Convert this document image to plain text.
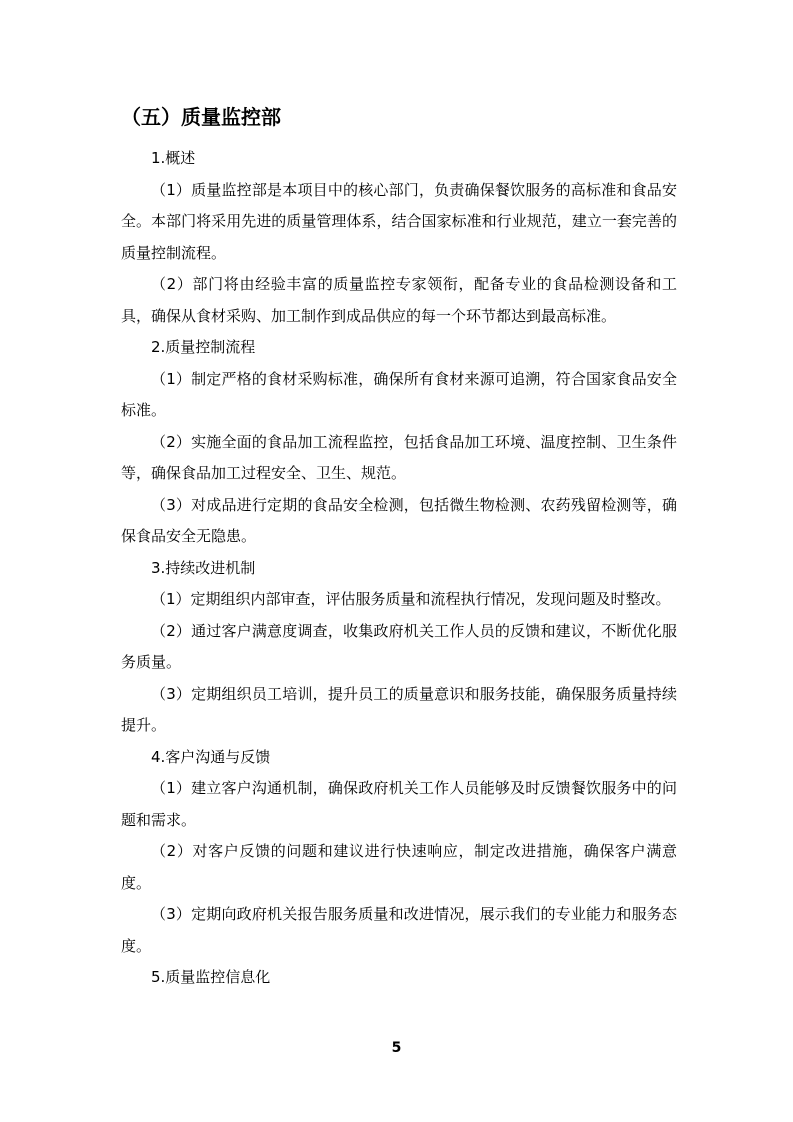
（五）质量监控部

1.概述

（1）质量监控部是本项目中的核心部门，负责确保餐饮服务的高标准和食品安全。本部门将采用先进的质量管理体系，结合国家标准和行业规范，建立一套完善的质量控制流程。

（2）部门将由经验丰富的质量监控专家领衔，配备专业的食品检测设备和工具，确保从食材采购、加工制作到成品供应的每一个环节都达到最高标准。

2.质量控制流程

（1）制定严格的食材采购标准，确保所有食材来源可追溯，符合国家食品安全标准。

（2）实施全面的食品加工流程监控，包括食品加工环境、温度控制、卫生条件等，确保食品加工过程安全、卫生、规范。

（3）对成品进行定期的食品安全检测，包括微生物检测、农药残留检测等，确保食品安全无隐患。

3.持续改进机制

（1）定期组织内部审查，评估服务质量和流程执行情况，发现问题及时整改。

（2）通过客户满意度调查，收集政府机关工作人员的反馈和建议，不断优化服务质量。

（3）定期组织员工培训，提升员工的质量意识和服务技能，确保服务质量持续提升。

4.客户沟通与反馈

（1）建立客户沟通机制，确保政府机关工作人员能够及时反馈餐饮服务中的问题和需求。

（2）对客户反馈的问题和建议进行快速响应，制定改进措施，确保客户满意度。

（3）定期向政府机关报告服务质量和改进情况，展示我们的专业能力和服务态度。

5.质量监控信息化

5
